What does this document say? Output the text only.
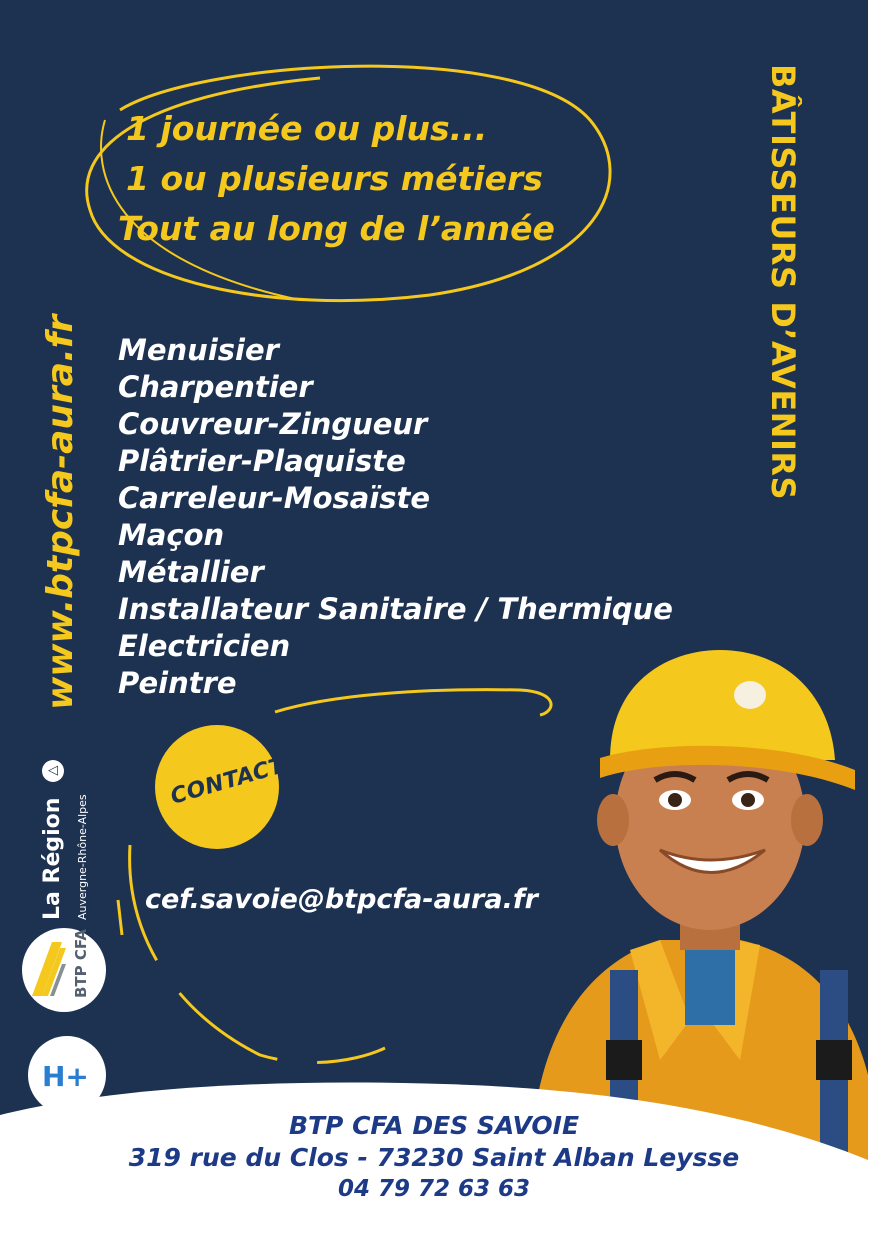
1 journée ou plus...
1 ou plusieurs métiers
Tout au long de l’année	BÂTISSEURS D’AVENIRS
www.btpcfa-aura.fr Menuisier
Charpentier
Couvreur-Zingueur
Plâtrier-Plaquiste
Carreleur-Mosaïste
Maçon
Métallier
Installateur Sanitaire / Thermique
Electricien
Peintre
CONTACT
cef.savoie@btpcfa-aura.fr
◁
La Région Auvergne-Rhône-Alpes
BTP CFA
H+
BTP CFA DES SAVOIE
319 rue du Clos - 73230 Saint Alban Leysse
04 79 72 63 63
